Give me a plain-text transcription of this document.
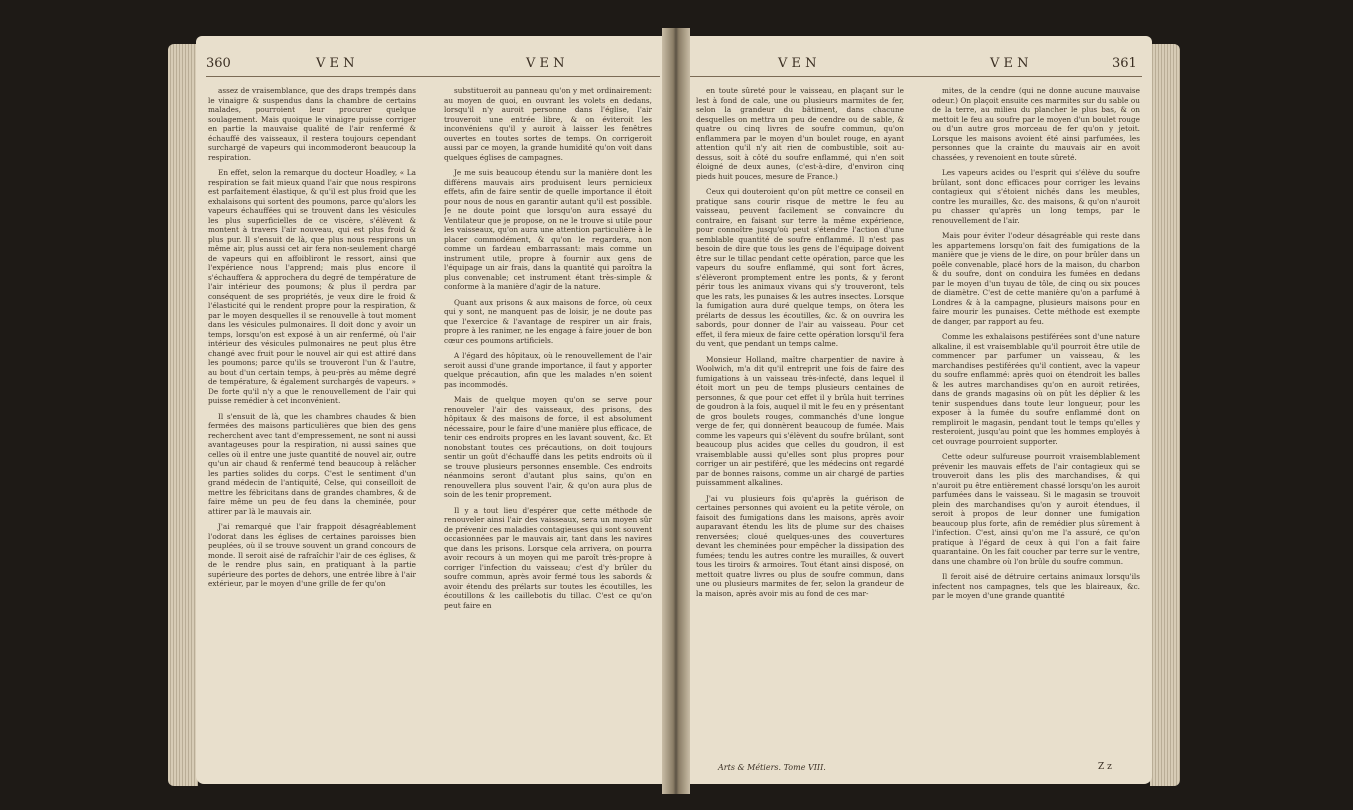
360	V E N	V E N

assez de vraisemblance, que des draps trempés dans le vinaigre & suspendus dans la chambre de certains malades, pourroient leur procurer quelque soulagement. Mais quoique le vinaigre puisse corriger en partie la mauvaise qualité de l'air renfermé & échauffé des vaisseaux, il restera toujours cependant surchargé de vapeurs qui incommoderont beaucoup la respiration.

En effet, selon la remarque du docteur Hoadley, « La respiration se fait mieux quand l'air que nous respirons est parfaitement élastique, & qu'il est plus froid que les exhalaisons qui sortent des poumons, parce qu'alors les vapeurs échauffées qui se trouvent dans les vésicules les plus superficielles de ce viscère, s'élèvent & montent à travers l'air nouveau, qui est plus froid & plus pur. Il s'ensuit de là, que plus nous respirons un même air, plus aussi cet air fera non-seulement chargé de vapeurs qui en affoibliront le ressort, ainsi que l'expérience nous l'apprend; mais plus encore il s'échauffera & approchera du degré de température de l'air intérieur des poumons; & plus il perdra par conséquent de ses propriétés, je veux dire le froid & l'élasticité qui le rendent propre pour la respiration, & par le moyen desquelles il se renouvelle à tout moment dans les vésicules pulmonaires. Il doit donc y avoir un temps, lorsqu'on est exposé à un air renfermé, où l'air intérieur des vésicules pulmonaires ne peut plus être changé avec fruit pour le nouvel air qui est attiré dans les poumons; parce qu'ils se trouveront l'un & l'autre, au bout d'un certain temps, à peu-près au même degré de température, & également surchargés de vapeurs. » De forte qu'il n'y a que le renouvellement de l'air qui puisse remédier à cet inconvénient.

Il s'ensuit de là, que les chambres chaudes & bien fermées des maisons particulières que bien des gens recherchent avec tant d'empressement, ne sont ni aussi avantageuses pour la respiration, ni aussi saines que celles où il entre une juste quantité de nouvel air, outre qu'un air chaud & renfermé tend beaucoup à relâcher les parties solides du corps. C'est le sentiment d'un grand médecin de l'antiquité, Celse, qui conseilloit de mettre les fébricitans dans de grandes chambres, & de faire même un peu de feu dans la cheminée, pour attirer par là le mauvais air.

J'ai remarqué que l'air frappoit désagréablement l'odorat dans les églises de certaines paroisses bien peuplées, où il se trouve souvent un grand concours de monde. Il seroit aisé de rafraîchir l'air de ces églises, & de le rendre plus sain, en pratiquant à la partie supérieure des portes de dehors, une entrée libre à l'air extérieur, par le moyen d'une grille de fer qu'on

substitueroit au panneau qu'on y met ordinairement: au moyen de quoi, en ouvrant les volets en dedans, lorsqu'il n'y auroit personne dans l'église, l'air trouveroit une entrée libre, & on éviteroit les inconvéniens qu'il y auroit à laisser les fenêtres ouvertes en toutes sortes de temps. On corrigeroit aussi par ce moyen, la grande humidité qu'on voit dans quelques églises de campagnes.

Je me suis beaucoup étendu sur la manière dont les différens mauvais airs produisent leurs pernicieux effets, afin de faire sentir de quelle importance il étoit pour nous de nous en garantir autant qu'il est possible. Je ne doute point que lorsqu'on aura essayé du Ventilateur que je propose, on ne le trouve si utile pour les vaisseaux, qu'on aura une attention particulière à le placer commodément, & qu'on le regardera, non comme un fardeau embarrassant: mais comme un instrument utile, propre à fournir aux gens de l'équipage un air frais, dans la quantité qui paroîtra la plus convenable; cet instrument étant très-simple & conforme à la manière d'agir de la nature.

Quant aux prisons & aux maisons de force, où ceux qui y sont, ne manquent pas de loisir, je ne doute pas que l'exercice & l'avantage de respirer un air frais, propre à les ranimer, ne les engage à faire jouer de bon cœur ces poumons artificiels.

A l'égard des hôpitaux, où le renouvellement de l'air seroit aussi d'une grande importance, il faut y apporter quelque précaution, afin que les malades n'en soient pas incommodés.

Mais de quelque moyen qu'on se serve pour renouveler l'air des vaisseaux, des prisons, des hôpitaux & des maisons de force, il est absolument nécessaire, pour le faire d'une manière plus efficace, de tenir ces endroits propres en les lavant souvent, &c. Et nonobstant toutes ces précautions, on doit toujours sentir un goût d'échauffé dans les petits endroits où il se trouve plusieurs personnes ensemble. Ces endroits néanmoins seront d'autant plus sains, qu'on en renouvellera plus souvent l'air, & qu'on aura plus de soin de les tenir proprement.

Il y a tout lieu d'espérer que cette méthode de renouveler ainsi l'air des vaisseaux, sera un moyen sûr de prévenir ces maladies contagieuses qui sont souvent occasionnées par le mauvais air, tant dans les navires que dans les prisons. Lorsque cela arrivera, on pourra avoir recours à un moyen qui me paroît très-propre à corriger l'infection du vaisseau; c'est d'y brûler du soufre commun, après avoir fermé tous les sabords & avoir étendu des prélarts sur toutes les écoutilles, les écoutillons & les caillebotis du tillac. C'est ce qu'on peut faire en

V E N	V E N	361

en toute sûreté pour le vaisseau, en plaçant sur le lest à fond de cale, une ou plusieurs marmites de fer, selon la grandeur du bâtiment, dans chacune desquelles on mettra un peu de cendre ou de sable, & quatre ou cinq livres de soufre commun, qu'on enflammera par le moyen d'un boulet rouge, en ayant attention qu'il n'y ait rien de combustible, soit au-dessus, soit à côté du soufre enflammé, qui n'en soit éloigné de deux aunes, (c'est-à-dire, d'environ cinq pieds huit pouces, mesure de France.)

Ceux qui douteroient qu'on pût mettre ce conseil en pratique sans courir risque de mettre le feu au vaisseau, peuvent facilement se convaincre du contraire, en faisant sur terre la même expérience, pour connoître jusqu'où peut s'étendre l'action d'une semblable quantité de soufre enflammé. Il n'est pas besoin de dire que tous les gens de l'équipage doivent être sur le tillac pendant cette opération, parce que les vapeurs du soufre enflammé, qui sont fort âcres, s'élèveront promptement entre les ponts, & y feront périr tous les animaux vivans qui s'y trouveront, tels que les rats, les punaises & les autres insectes. Lorsque la fumigation aura duré quelque temps, on ôtera les prélarts de dessus les écoutilles, &c. & on ouvrira les sabords, pour donner de l'air au vaisseau. Pour cet effet, il fera mieux de faire cette opération lorsqu'il fera du vent, que pendant un temps calme.

Monsieur Holland, maître charpentier de navire à Woolwich, m'a dit qu'il entreprit une fois de faire des fumigations à un vaisseau très-infecté, dans lequel il étoit mort un peu de temps plusieurs centaines de personnes, & que pour cet effet il y brûla huit terrines de goudron à la fois, auquel il mit le feu en y présentant de gros boulets rouges, commanchés d'une longue verge de fer, qui donnèrent beaucoup de fumée. Mais comme les vapeurs qui s'élèvent du soufre brûlant, sont beaucoup plus acides que celles du goudron, il est vraisemblable aussi qu'elles sont plus propres pour corriger un air pestiféré, que les médecins ont regardé par de bonnes raisons, comme un air chargé de parties puissamment alkalines.

J'ai vu plusieurs fois qu'après la guérison de certaines personnes qui avoient eu la petite vérole, on faisoit des fumigations dans les maisons, après avoir auparavant étendu les lits de plume sur des chaises renversées; cloué quelques-unes des couvertures devant les cheminées pour empêcher la dissipation des fumées; tendu les autres contre les murailles, & ouvert tous les tiroirs & armoires. Tout étant ainsi disposé, on mettoit quatre livres ou plus de soufre commun, dans une ou plusieurs marmites de fer, selon la grandeur de la maison, après avoir mis au fond de ces mar-

mites, de la cendre (qui ne donne aucune mauvaise odeur.) On plaçoit ensuite ces marmites sur du sable ou de la terre, au milieu du plancher le plus bas, & on mettoit le feu au soufre par le moyen d'un boulet rouge ou d'un autre gros morceau de fer qu'on y jetoit. Lorsque les maisons avoient été ainsi parfumées, les personnes que la crainte du mauvais air en avoit chassées, y revenoient en toute sûreté.

Les vapeurs acides ou l'esprit qui s'élève du soufre brûlant, sont donc efficaces pour corriger les levains contagieux qui s'étoient nichés dans les meubles, contre les murailles, &c. des maisons, & qu'on n'auroit pu chasser qu'après un long temps, par le renouvellement de l'air.

Mais pour éviter l'odeur désagréable qui reste dans les appartemens lorsqu'on fait des fumigations de la manière que je viens de le dire, on pour brûler dans un poêle convenable, placé hors de la maison, du charbon & du soufre, dont on conduira les fumées en dedans par le moyen d'un tuyau de tôle, de cinq ou six pouces de diamètre. C'est de cette manière qu'on a parfumé à Londres & à la campagne, plusieurs maisons pour en faire mourir les punaises. Cette méthode est exempte de danger, par rapport au feu.

Comme les exhalaisons pestiférées sont d'une nature alkaline, il est vraisemblable qu'il pourroit être utile de commencer par parfumer un vaisseau, & les marchandises pestiférées qu'il contient, avec la vapeur du soufre enflammé: après quoi on étendroit les balles & les autres marchandises qu'on en auroit retirées, dans de grands magasins où on pût les déplier & les tenir suspendues dans toute leur longueur, pour les exposer à la fumée du soufre enflammé dont on rempliroit le magasin, pendant tout le temps qu'elles y resteroient, jusqu'au point que les hommes employés à cet ouvrage pourroient supporter.

Cette odeur sulfureuse pourroit vraisemblablement prévenir les mauvais effets de l'air contagieux qui se trouveroit dans les plis des marchandises, & qui n'auroit pu être entièrement chassé lorsqu'on les auroit parfumées dans le vaisseau. Si le magasin se trouvoit plein des marchandises qu'on y auroit étendues, il seroit à propos de leur donner une fumigation beaucoup plus forte, afin de remédier plus sûrement à l'infection. C'est, ainsi qu'on me l'a assuré, ce qu'on pratique à l'égard de ceux à qui l'on a fait faire quarantaine. On les fait coucher par terre sur le ventre, dans une chambre où l'on brûle du soufre commun.

Il feroit aisé de détruire certains animaux lorsqu'ils infectent nos campagnes, tels que les blaireaux, &c. par le moyen d'une grande quantité

Arts & Métiers. Tome VIII.	Z z
